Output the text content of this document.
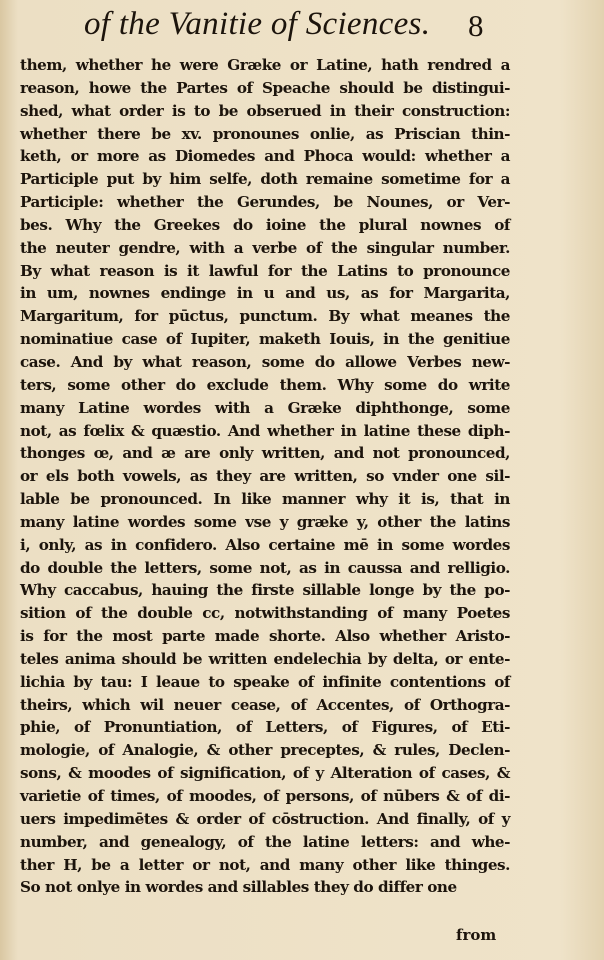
of the Vanitie of Sciences. 8
them, whether he were Græke or Latine, hath rendred a
reason, howe the Partes of Speache should be distingui-
shed, what order is to be obserued in their construction:
whether there be xv. pronounes onlie, as Priscian thin-
keth, or more as Diomedes and Phoca would: whether a
Participle put by him selfe, doth remaine sometime for a
Participle: whether the Gerundes, be Nounes, or Ver-
bes. Why the Greekes do ioine the plural nownes of
the neuter gendre, with a verbe of the singular number.
By what reason is it lawful for the Latins to pronounce
in um, nownes endinge in u and us, as for Margarita,
Margaritum, for pūctus, punctum. By what meanes the
nominatiue case of Iupiter, maketh Iouis, in the genitiue
case. And by what reason, some do allowe Verbes new-
ters, some other do exclude them. Why some do write
many Latine wordes with a Græke diphthonge, some
not, as fœlix & quæstio. And whether in latine these diph-
thonges œ, and æ are only written, and not pronounced,
or els both vowels, as they are written, so vnder one sil-
lable be pronounced. In like manner why it is, that in
many latine wordes some vse y græke y, other the latins
i, only, as in confidero. Also certaine mē in some wordes
do double the letters, some not, as in caussa and relligio.
Why caccabus, hauing the firste sillable longe by the po-
sition of the double cc, notwithstanding of many Poetes
is for the most parte made shorte. Also whether Aristo-
teles anima should be written endelechia by delta, or ente-
lichia by tau: I leaue to speake of infinite contentions of
theirs, which wil neuer cease, of Accentes, of Orthogra-
phie, of Pronuntiation, of Letters, of Figures, of Eti-
mologie, of Analogie, & other preceptes, & rules, Declen-
sons, & moodes of signification, of y Alteration of cases, &
varietie of times, of moodes, of persons, of nūbers & of di-
uers impedimētes & order of cōstruction. And finally, of y
number, and genealogy, of the latine letters: and whe-
ther H, be a letter or not, and many other like thinges.
So not onlye in wordes and sillables they do differ one
from
